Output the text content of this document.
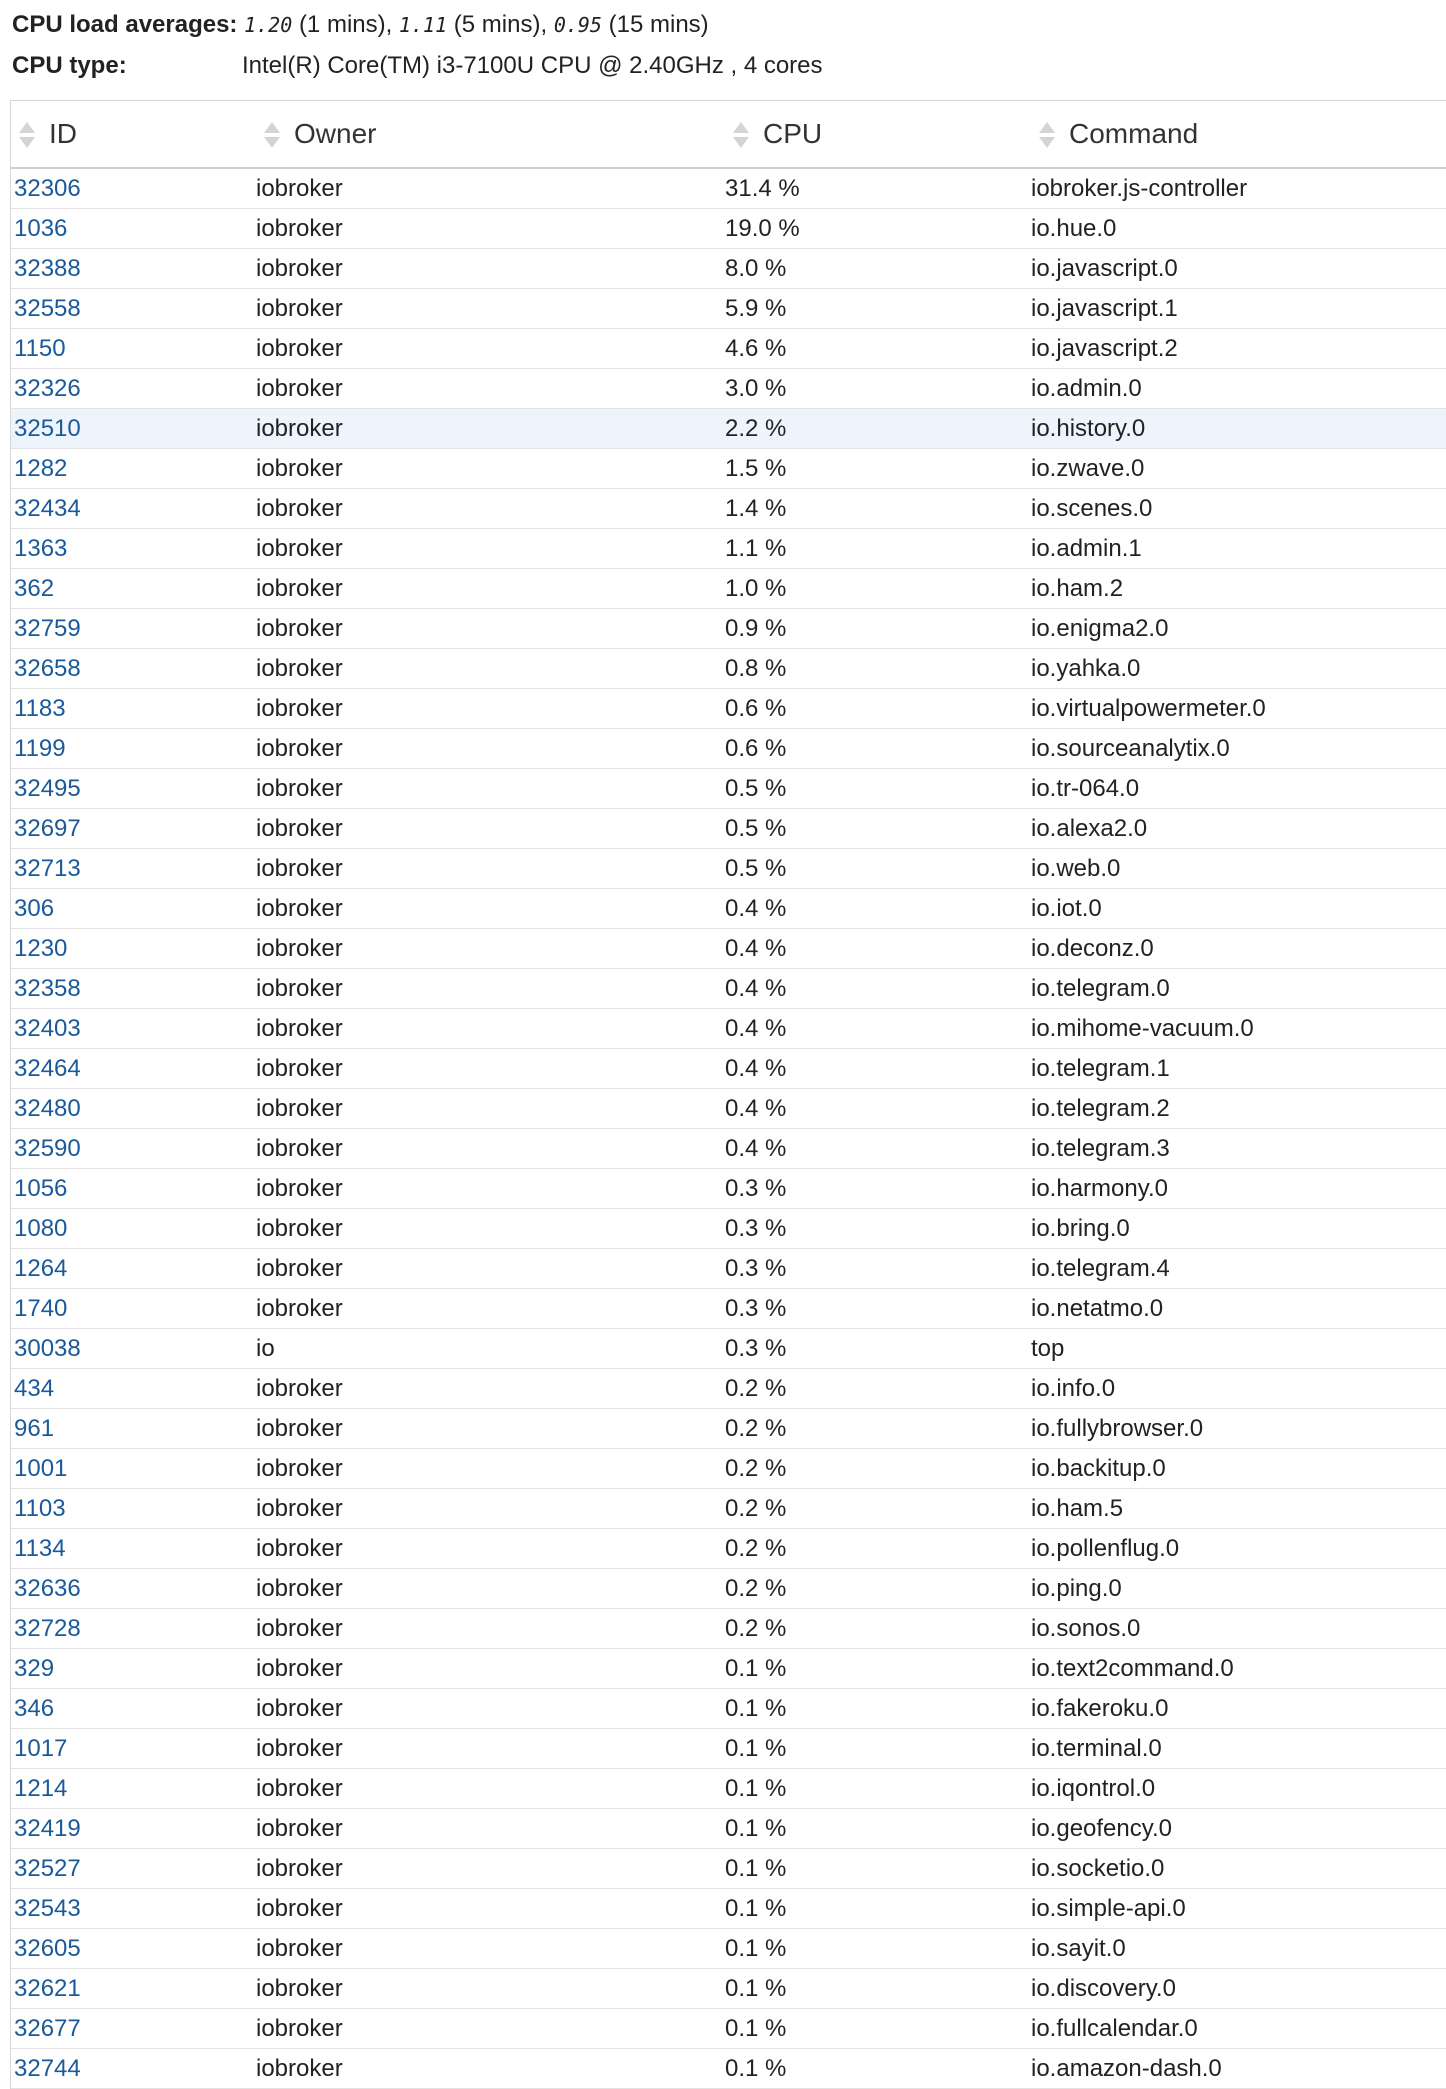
CPU load averages: 1.20 (1 mins), 1.11 (5 mins), 0.95 (15 mins)
CPU type:	Intel(R) Core(TM) i3-7100U CPU @ 2.40GHz , 4 cores
ID	Owner	CPU	Command
32306	iobroker	31.4 %	iobroker.js-controller
1036	iobroker	19.0 %	io.hue.0
32388	iobroker	8.0 %	io.javascript.0
32558	iobroker	5.9 %	io.javascript.1
1150	iobroker	4.6 %	io.javascript.2
32326	iobroker	3.0 %	io.admin.0
32510	iobroker	2.2 %	io.history.0
1282	iobroker	1.5 %	io.zwave.0
32434	iobroker	1.4 %	io.scenes.0
1363	iobroker	1.1 %	io.admin.1
362	iobroker	1.0 %	io.ham.2
32759	iobroker	0.9 %	io.enigma2.0
32658	iobroker	0.8 %	io.yahka.0
1183	iobroker	0.6 %	io.virtualpowermeter.0
1199	iobroker	0.6 %	io.sourceanalytix.0
32495	iobroker	0.5 %	io.tr-064.0
32697	iobroker	0.5 %	io.alexa2.0
32713	iobroker	0.5 %	io.web.0
306	iobroker	0.4 %	io.iot.0
1230	iobroker	0.4 %	io.deconz.0
32358	iobroker	0.4 %	io.telegram.0
32403	iobroker	0.4 %	io.mihome-vacuum.0
32464	iobroker	0.4 %	io.telegram.1
32480	iobroker	0.4 %	io.telegram.2
32590	iobroker	0.4 %	io.telegram.3
1056	iobroker	0.3 %	io.harmony.0
1080	iobroker	0.3 %	io.bring.0
1264	iobroker	0.3 %	io.telegram.4
1740	iobroker	0.3 %	io.netatmo.0
30038	io	0.3 %	top
434	iobroker	0.2 %	io.info.0
961	iobroker	0.2 %	io.fullybrowser.0
1001	iobroker	0.2 %	io.backitup.0
1103	iobroker	0.2 %	io.ham.5
1134	iobroker	0.2 %	io.pollenflug.0
32636	iobroker	0.2 %	io.ping.0
32728	iobroker	0.2 %	io.sonos.0
329	iobroker	0.1 %	io.text2command.0
346	iobroker	0.1 %	io.fakeroku.0
1017	iobroker	0.1 %	io.terminal.0
1214	iobroker	0.1 %	io.iqontrol.0
32419	iobroker	0.1 %	io.geofency.0
32527	iobroker	0.1 %	io.socketio.0
32543	iobroker	0.1 %	io.simple-api.0
32605	iobroker	0.1 %	io.sayit.0
32621	iobroker	0.1 %	io.discovery.0
32677	iobroker	0.1 %	io.fullcalendar.0
32744	iobroker	0.1 %	io.amazon-dash.0
